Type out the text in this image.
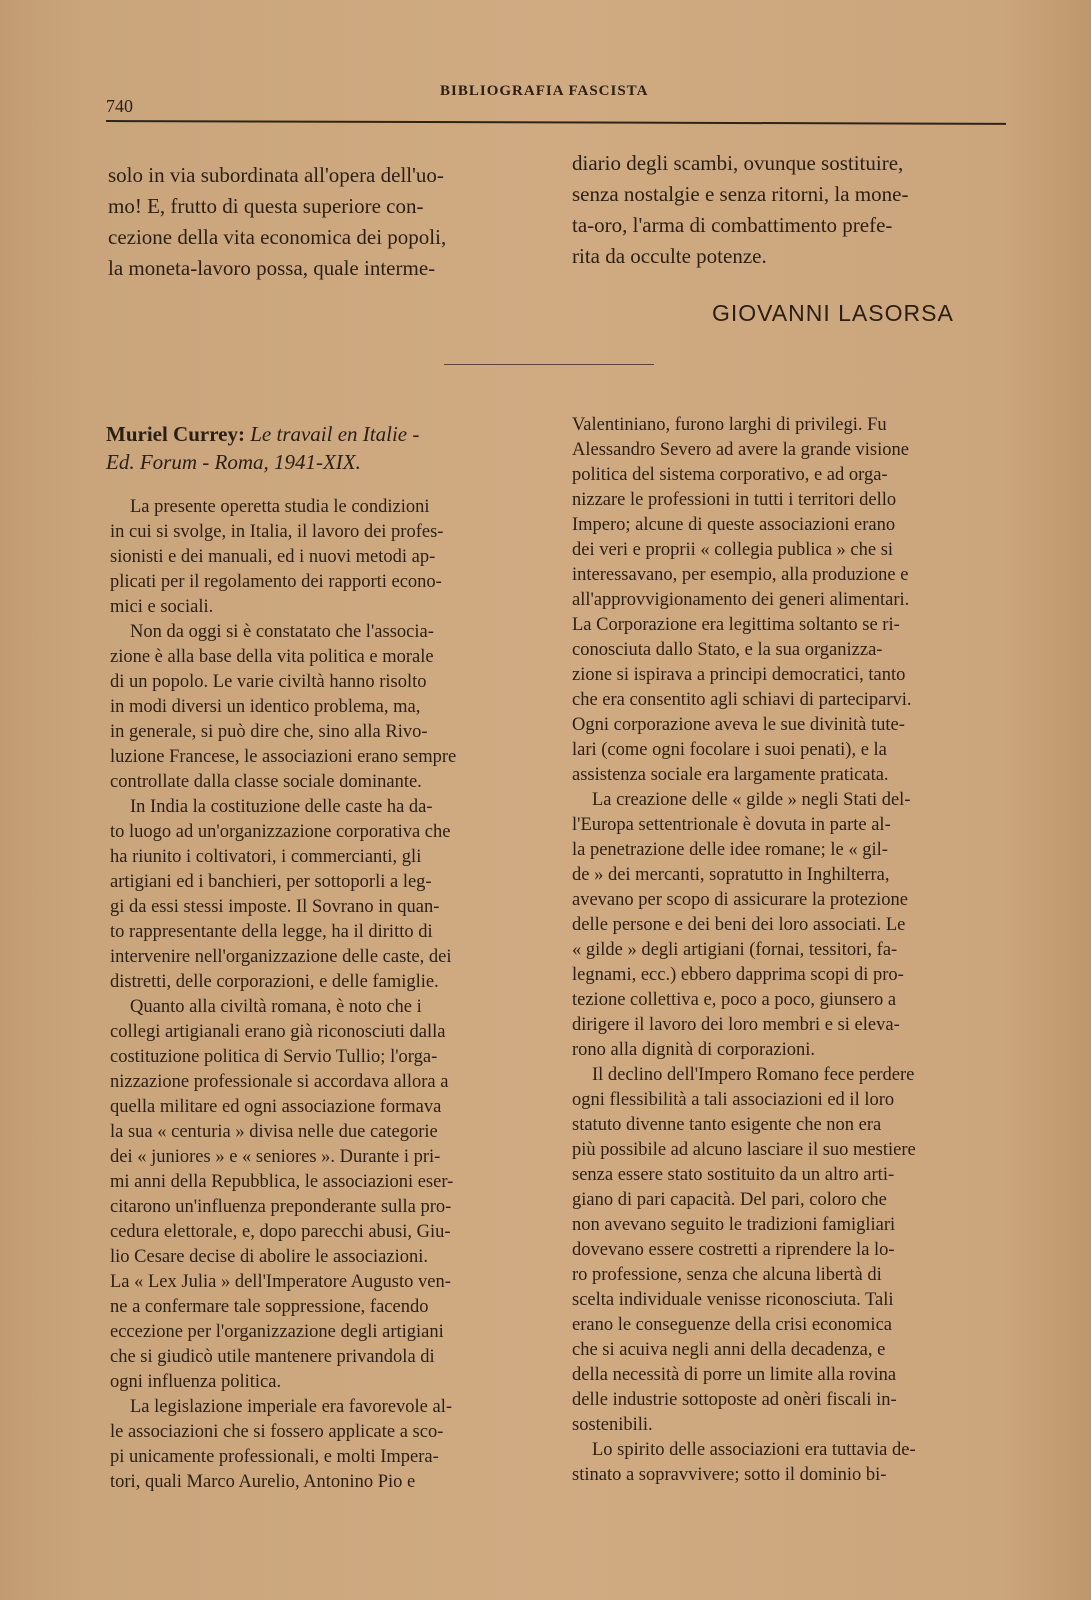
740
BIBLIOGRAFIA FASCISTA
solo in via subordinata all'opera dell'uo-
mo! E, frutto di questa superiore con-
cezione della vita economica dei popoli,
la moneta-lavoro possa, quale interme-
diario degli scambi, ovunque sostituire,
senza nostalgie e senza ritorni, la mone-
ta-oro, l'arma di combattimento prefe-
rita da occulte potenze.
GIOVANNI LASORSA
Muriel Currey: Le travail en Italie -
Ed. Forum - Roma, 1941-XIX.
La presente operetta studia le condizioni
in cui si svolge, in Italia, il lavoro dei profes-
sionisti e dei manuali, ed i nuovi metodi ap-
plicati per il regolamento dei rapporti econo-
mici e sociali.
Non da oggi si è constatato che l'associa-
zione è alla base della vita politica e morale
di un popolo. Le varie civiltà hanno risolto
in modi diversi un identico problema, ma,
in generale, si può dire che, sino alla Rivo-
luzione Francese, le associazioni erano sempre
controllate dalla classe sociale dominante.
In India la costituzione delle caste ha da-
to luogo ad un'organizzazione corporativa che
ha riunito i coltivatori, i commercianti, gli
artigiani ed i banchieri, per sottoporli a leg-
gi da essi stessi imposte. Il Sovrano in quan-
to rappresentante della legge, ha il diritto di
intervenire nell'organizzazione delle caste, dei
distretti, delle corporazioni, e delle famiglie.
Quanto alla civiltà romana, è noto che i
collegi artigianali erano già riconosciuti dalla
costituzione politica di Servio Tullio; l'orga-
nizzazione professionale si accordava allora a
quella militare ed ogni associazione formava
la sua « centuria » divisa nelle due categorie
dei « juniores » e « seniores ». Durante i pri-
mi anni della Repubblica, le associazioni eser-
citarono un'influenza preponderante sulla pro-
cedura elettorale, e, dopo parecchi abusi, Giu-
lio Cesare decise di abolire le associazioni.
La « Lex Julia » dell'Imperatore Augusto ven-
ne a confermare tale soppressione, facendo
eccezione per l'organizzazione degli artigiani
che si giudicò utile mantenere privandola di
ogni influenza politica.
La legislazione imperiale era favorevole al-
le associazioni che si fossero applicate a sco-
pi unicamente professionali, e molti Impera-
tori, quali Marco Aurelio, Antonino Pio e
Valentiniano, furono larghi di privilegi. Fu
Alessandro Severo ad avere la grande visione
politica del sistema corporativo, e ad orga-
nizzare le professioni in tutti i territori dello
Impero; alcune di queste associazioni erano
dei veri e proprii « collegia publica » che si
interessavano, per esempio, alla produzione e
all'approvvigionamento dei generi alimentari.
La Corporazione era legittima soltanto se ri-
conosciuta dallo Stato, e la sua organizza-
zione si ispirava a principi democratici, tanto
che era consentito agli schiavi di parteciparvi.
Ogni corporazione aveva le sue divinità tute-
lari (come ogni focolare i suoi penati), e la
assistenza sociale era largamente praticata.
La creazione delle « gilde » negli Stati del-
l'Europa settentrionale è dovuta in parte al-
la penetrazione delle idee romane; le « gil-
de » dei mercanti, sopratutto in Inghilterra,
avevano per scopo di assicurare la protezione
delle persone e dei beni dei loro associati. Le
« gilde » degli artigiani (fornai, tessitori, fa-
legnami, ecc.) ebbero dapprima scopi di pro-
tezione collettiva e, poco a poco, giunsero a
dirigere il lavoro dei loro membri e si eleva-
rono alla dignità di corporazioni.
Il declino dell'Impero Romano fece perdere
ogni flessibilità a tali associazioni ed il loro
statuto divenne tanto esigente che non era
più possibile ad alcuno lasciare il suo mestiere
senza essere stato sostituito da un altro arti-
giano di pari capacità. Del pari, coloro che
non avevano seguito le tradizioni famigliari
dovevano essere costretti a riprendere la lo-
ro professione, senza che alcuna libertà di
scelta individuale venisse riconosciuta. Tali
erano le conseguenze della crisi economica
che si acuiva negli anni della decadenza, e
della necessità di porre un limite alla rovina
delle industrie sottoposte ad onèri fiscali in-
sostenibili.
Lo spirito delle associazioni era tuttavia de-
stinato a sopravvivere; sotto il dominio bi-
